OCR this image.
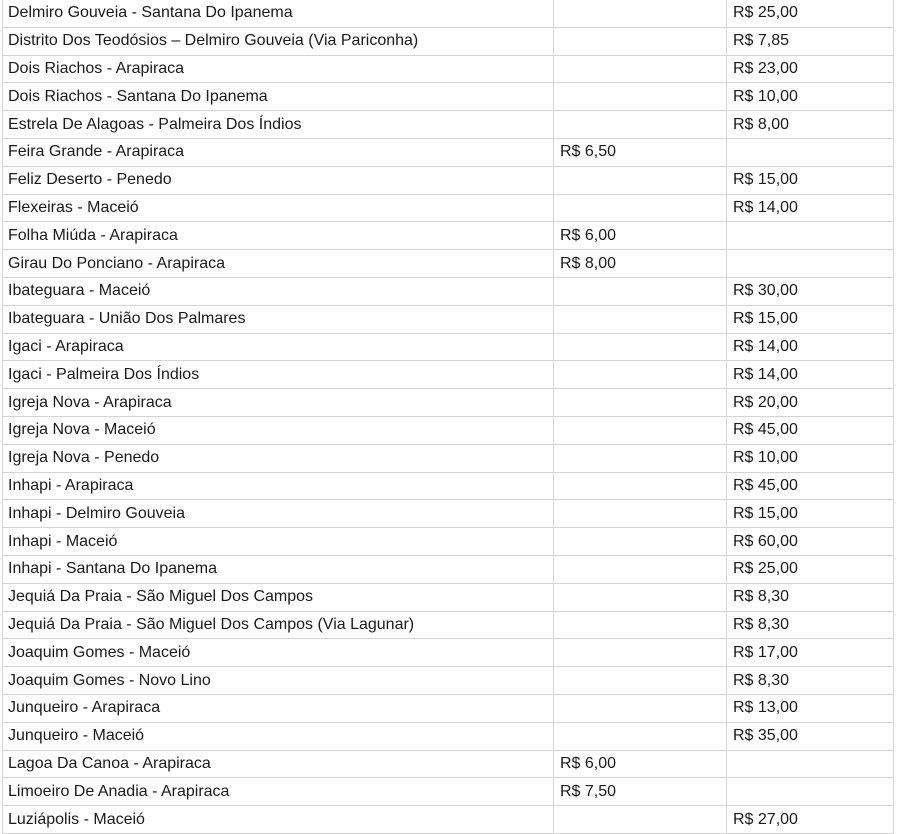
Delmiro Gouveia - Santana Do Ipanema		R$ 25,00
Distrito Dos Teodósios – Delmiro Gouveia (Via Pariconha)		R$ 7,85
Dois Riachos - Arapiraca		R$ 23,00
Dois Riachos - Santana Do Ipanema		R$ 10,00
Estrela De Alagoas - Palmeira Dos Índios		R$ 8,00
Feira Grande - Arapiraca	R$ 6,50	
Feliz Deserto - Penedo		R$ 15,00
Flexeiras - Maceió		R$ 14,00
Folha Miúda - Arapiraca	R$ 6,00	
Girau Do Ponciano - Arapiraca	R$ 8,00	
Ibateguara - Maceió		R$ 30,00
Ibateguara - União Dos Palmares		R$ 15,00
Igaci - Arapiraca		R$ 14,00
Igaci - Palmeira Dos Índios		R$ 14,00
Igreja Nova - Arapiraca		R$ 20,00
Igreja Nova - Maceió		R$ 45,00
Igreja Nova - Penedo		R$ 10,00
Inhapi - Arapiraca		R$ 45,00
Inhapi - Delmiro Gouveia		R$ 15,00
Inhapi - Maceió		R$ 60,00
Inhapi - Santana Do Ipanema		R$ 25,00
Jequiá Da Praia - São Miguel Dos Campos		R$ 8,30
Jequiá Da Praia - São Miguel Dos Campos (Via Lagunar)		R$ 8,30
Joaquim Gomes - Maceió		R$ 17,00
Joaquim Gomes - Novo Lino		R$ 8,30
Junqueiro - Arapiraca		R$ 13,00
Junqueiro - Maceió		R$ 35,00
Lagoa Da Canoa - Arapiraca	R$ 6,00	
Limoeiro De Anadia - Arapiraca	R$ 7,50	
Luziápolis - Maceió		R$ 27,00
